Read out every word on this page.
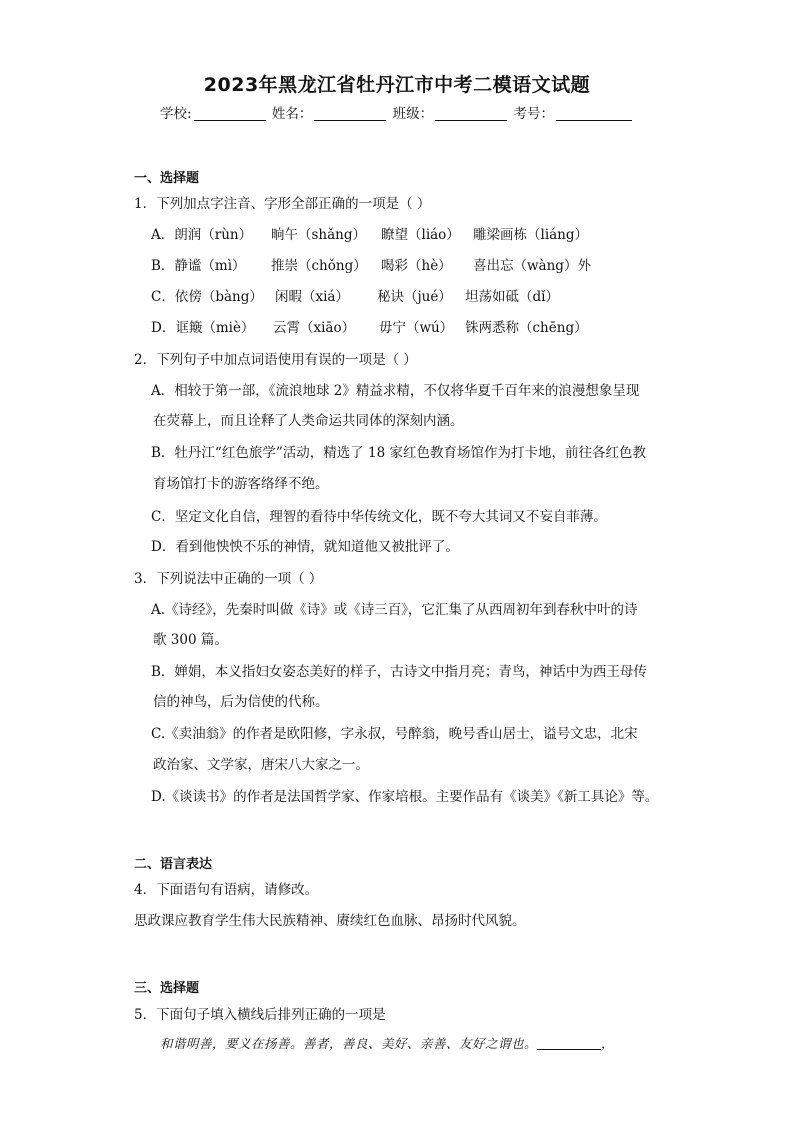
2023年黑龙江省牡丹江市中考二模语文试题
学校:	姓名：	班级：	考号：
一、选择题
1．下列加点字注音、字形全部正确的一项是（ ）
A．朗润（rùn） 晌午（shǎng） 瞭望（liáo） 雕梁画栋（liáng）
B．静谧（mì） 推崇（chǒng） 喝彩（hè） 喜出忘（wàng）外
C．依傍（bàng） 闲暇（xiá） 秘诀（jué） 坦荡如砥（dǐ）
D．诓簸（miè） 云霄（xiāo） 毋宁（wú） 铢两悉称（chēng）
2．下列句子中加点词语使用有误的一项是（ ）
A．相较于第一部，《流浪地球 2》精益求精，不仅将华夏千百年来的浪漫想象呈现
在荧幕上，而且诠释了人类命运共同体的深刻内涵。
B．牡丹江“红色旅学”活动，精选了 18 家红色教育场馆作为打卡地，前往各红色教
育场馆打卡的游客络绎不绝。
C．坚定文化自信，理智的看待中华传统文化，既不夸大其词又不妄自菲薄。
D．看到他怏怏不乐的神情，就知道他又被批评了。
3．下列说法中正确的一项（ ）
A.《诗经》，先秦时叫做《诗》或《诗三百》，它汇集了从西周初年到春秋中叶的诗
歌 300 篇。
B．婵娟，本义指妇女姿态美好的样子，古诗文中指月亮；青鸟，神话中为西王母传
信的神鸟，后为信使的代称。
C.《卖油翁》的作者是欧阳修，字永叔，号醉翁，晚号香山居士，谥号文忠，北宋
政治家、文学家，唐宋八大家之一。
D.《谈读书》的作者是法国哲学家、作家培根。主要作品有《谈美》《新工具论》等。
二、语言表达
4．下面语句有语病，请修改。
思政课应教育学生伟大民族精神、赓续红色血脉、昂扬时代风貌。
三、选择题
5．下面句子填入横线后排列正确的一项是
和谐明善，要义在扬善。善者，善良、美好、亲善、友好之谓也。	，
